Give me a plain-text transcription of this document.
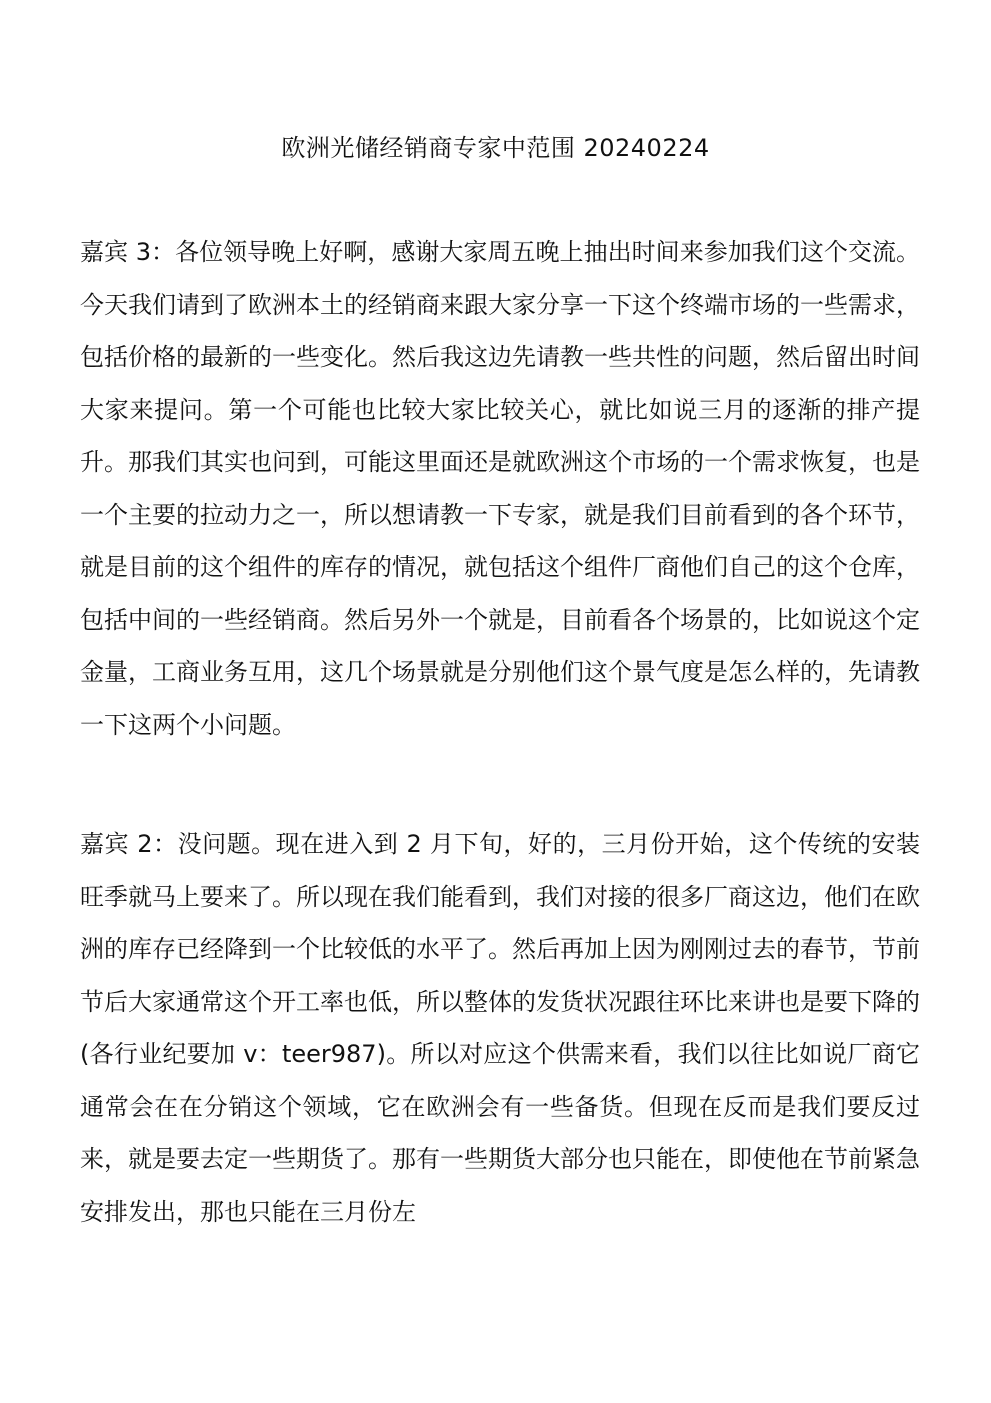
欧洲光储经销商专家中范围 20240224

嘉宾 3：各位领导晚上好啊，感谢大家周五晚上抽出时间来参加我们这个交流。今天我们请到了欧洲本土的经销商来跟大家分享一下这个终端市场的一些需求，包括价格的最新的一些变化。然后我这边先请教一些共性的问题，然后留出时间大家来提问。第一个可能也比较大家比较关心，就比如说三月的逐渐的排产提升。那我们其实也问到，可能这里面还是就欧洲这个市场的一个需求恢复，也是一个主要的拉动力之一，所以想请教一下专家，就是我们目前看到的各个环节，就是目前的这个组件的库存的情况，就包括这个组件厂商他们自己的这个仓库，包括中间的一些经销商。然后另外一个就是，目前看各个场景的，比如说这个定金量，工商业务互用，这几个场景就是分别他们这个景气度是怎么样的，先请教一下这两个小问题。

嘉宾 2：没问题。现在进入到 2 月下旬，好的，三月份开始，这个传统的安装旺季就马上要来了。所以现在我们能看到，我们对接的很多厂商这边，他们在欧洲的库存已经降到一个比较低的水平了。然后再加上因为刚刚过去的春节，节前节后大家通常这个开工率也低，所以整体的发货状况跟往环比来讲也是要下降的(各行业纪要加 v：teer987)。所以对应这个供需来看，我们以往比如说厂商它通常会在在分销这个领域，它在欧洲会有一些备货。但现在反而是我们要反过来，就是要去定一些期货了。那有一些期货大部分也只能在，即使他在节前紧急安排发出，那也只能在三月份左
